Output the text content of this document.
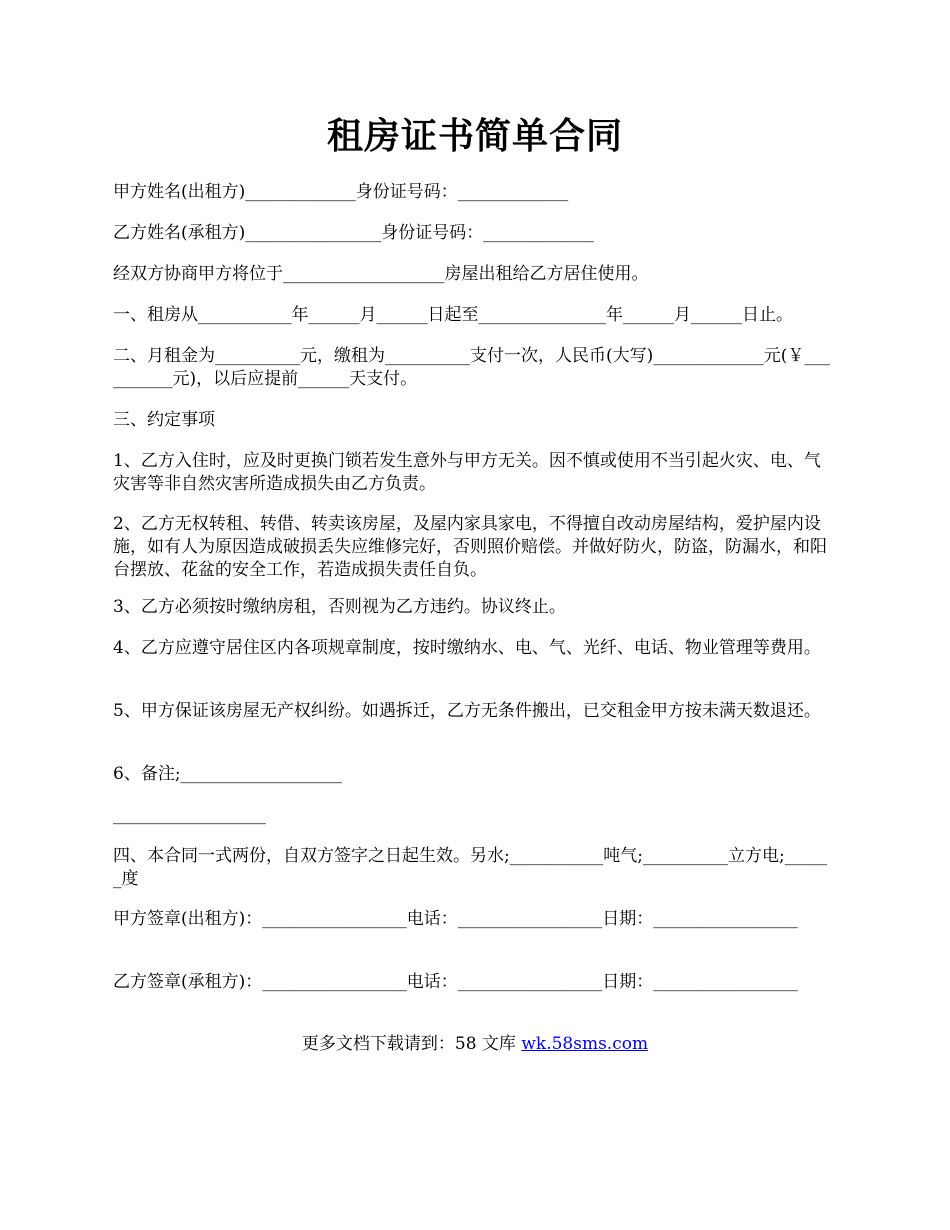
租房证书简单合同

甲方姓名(出租方)_____________身份证号码：_____________

乙方姓名(承租方)________________身份证号码：_____________

经双方协商甲方将位于___________________房屋出租给乙方居住使用。

一、租房从___________年______月______日起至_______________年______月______日止。

二、月租金为__________元，缴租为__________支付一次，人民币(大写)_____________元(￥__________元)，以后应提前______天支付。

三、约定事项

1、乙方入住时，应及时更换门锁若发生意外与甲方无关。因不慎或使用不当引起火灾、电、气灾害等非自然灾害所造成损失由乙方负责。

2、乙方无权转租、转借、转卖该房屋，及屋内家具家电，不得擅自改动房屋结构，爱护屋内设施，如有人为原因造成破损丢失应维修完好，否则照价赔偿。并做好防火，防盗，防漏水，和阳台摆放、花盆的安全工作，若造成损失责任自负。

3、乙方必须按时缴纳房租，否则视为乙方违约。协议终止。

4、乙方应遵守居住区内各项规章制度，按时缴纳水、电、气、光纤、电话、物业管理等费用。

5、甲方保证该房屋无产权纠纷。如遇拆迁，乙方无条件搬出，已交租金甲方按未满天数退还。

6、备注;___________________

__________________

四、本合同一式两份，自双方签字之日起生效。另水;___________吨气;__________立方电;______度

甲方签章(出租方)：_________________电话：_________________日期：_________________

乙方签章(承租方)：_________________电话：_________________日期：_________________

更多文档下载请到：58 文库 wk.58sms.com
